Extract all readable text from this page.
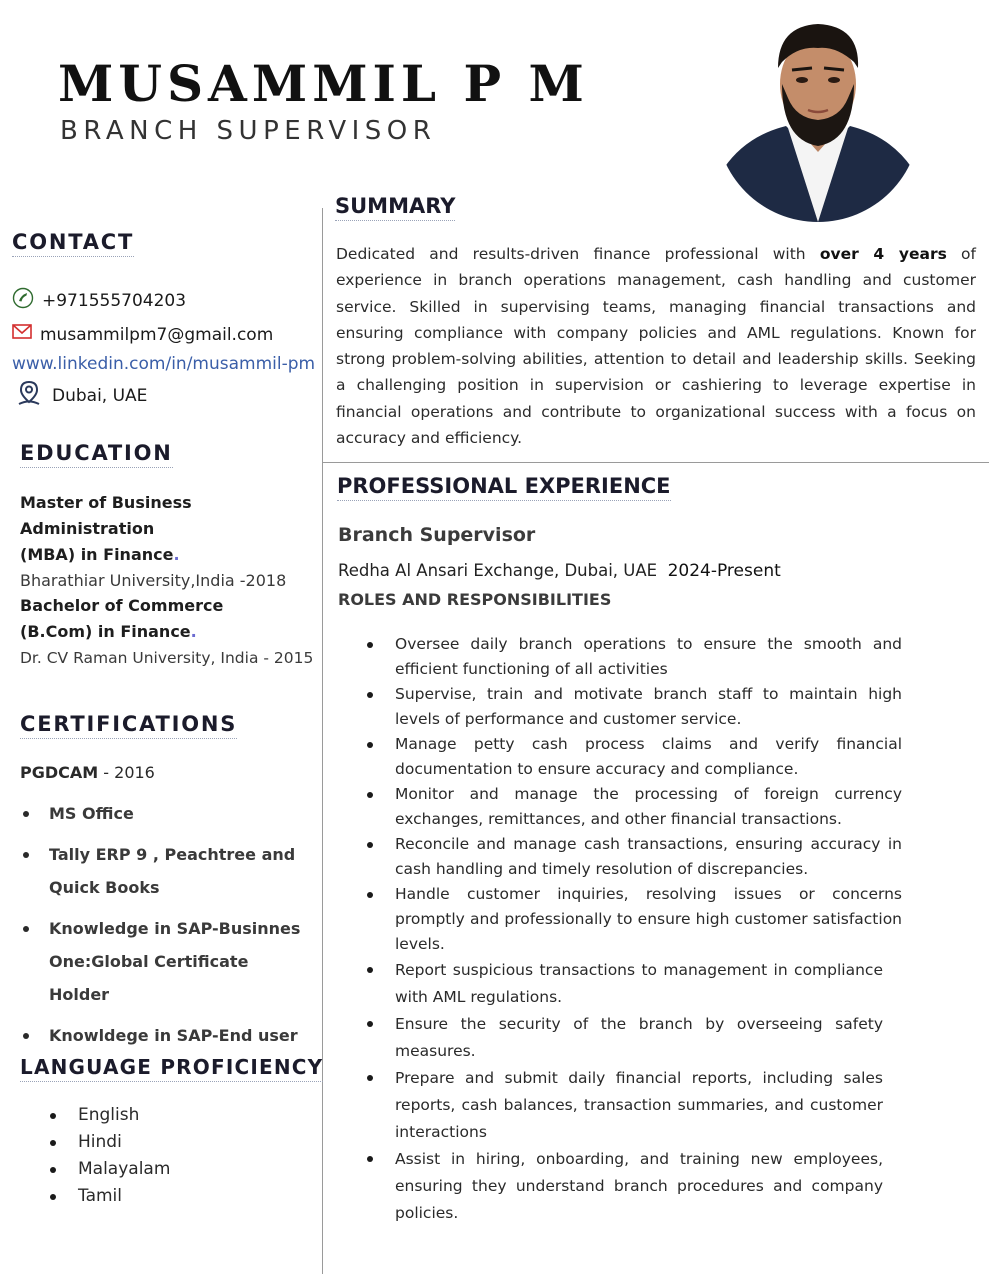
MUSAMMIL P M
BRANCH SUPERVISOR
CONTACT
+971555704203
musammilpm7@gmail.com
www.linkedin.com/in/musammil-pm
Dubai, UAE
EDUCATION
Master of Business Administration
(MBA) in Finance.
Bharathiar University,India -2018
Bachelor of Commerce
(B.Com) in Finance.
Dr. CV Raman University, India - 2015
CERTIFICATIONS
PGDCAM - 2016
MS Office
Tally ERP 9 , Peachtree and Quick Books
Knowledge in SAP-Businnes One:Global Certificate Holder
Knowldege in SAP-End user
LANGUAGE PROFICIENCY
English
Hindi
Malayalam
Tamil
SUMMARY
Dedicated and results-driven finance professional with over 4 years of experience in branch operations management, cash handling and customer service. Skilled in supervising teams, managing financial transactions and ensuring compliance with company policies and AML regulations. Known for strong problem-solving abilities, attention to detail and leadership skills. Seeking a challenging position in supervision or cashiering to leverage expertise in financial operations and contribute to organizational success with a focus on accuracy and efficiency.
PROFESSIONAL EXPERIENCE
Branch Supervisor
Redha Al Ansari Exchange, Dubai, UAE 2024-Present
ROLES AND RESPONSIBILITIES
Oversee daily branch operations to ensure the smooth and efficient functioning of all activities
Supervise, train and motivate branch staff to maintain high levels of performance and customer service.
Manage petty cash process claims and verify financial documentation to ensure accuracy and compliance.
Monitor and manage the processing of foreign currency exchanges, remittances, and other financial transactions.
Reconcile and manage cash transactions, ensuring accuracy in cash handling and timely resolution of discrepancies.
Handle customer inquiries, resolving issues or concerns promptly and professionally to ensure high customer satisfaction levels.
Report suspicious transactions to management in compliance with AML regulations.
Ensure the security of the branch by overseeing safety measures.
Prepare and submit daily financial reports, including sales reports, cash balances, transaction summaries, and customer interactions
Assist in hiring, onboarding, and training new employees, ensuring they understand branch procedures and company policies.
